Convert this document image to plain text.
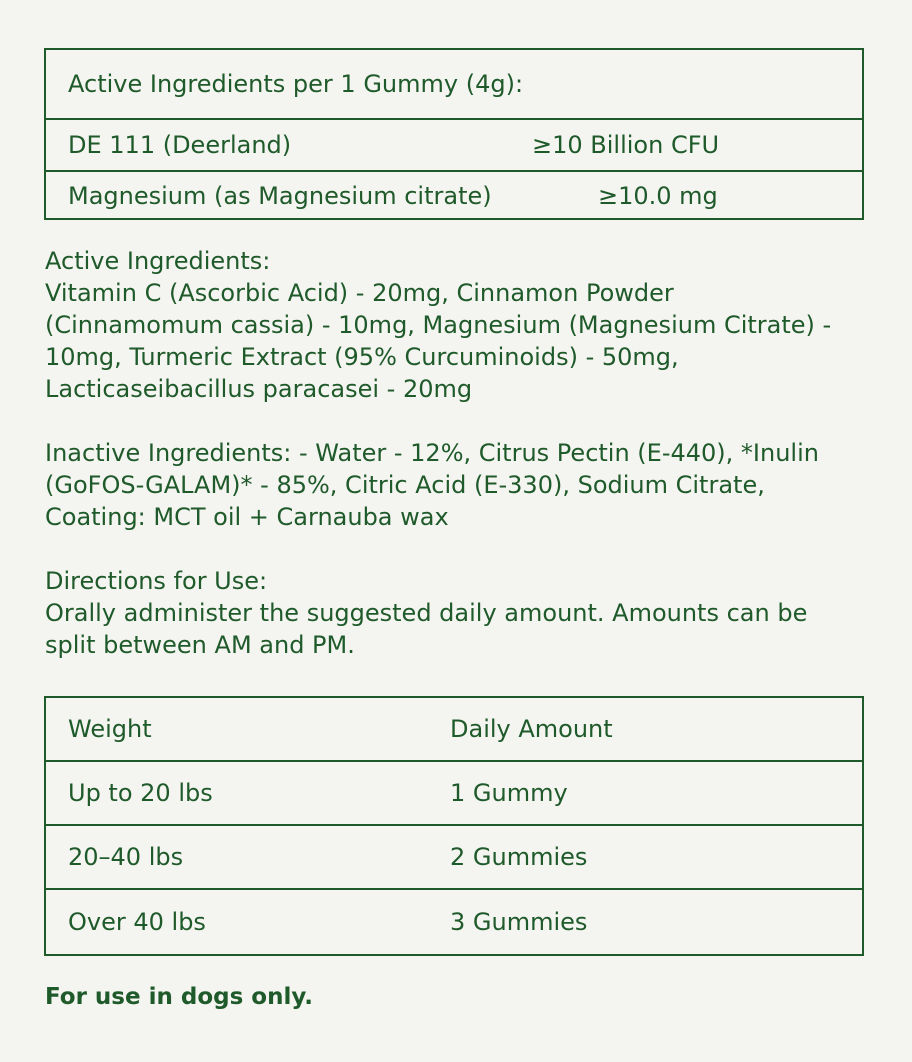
Active Ingredients per 1 Gummy (4g):
DE 111 (Deerland)	≥10 Billion CFU
Magnesium (as Magnesium citrate)	≥10.0 mg
Active Ingredients:
Vitamin C (Ascorbic Acid) - 20mg, Cinnamon Powder
(Cinnamomum cassia) - 10mg, Magnesium (Magnesium Citrate) -
10mg, Turmeric Extract (95% Curcuminoids) - 50mg,
Lacticaseibacillus paracasei - 20mg
Inactive Ingredients: - Water - 12%, Citrus Pectin (E-440), *Inulin
(GoFOS-GALAM)* - 85%, Citric Acid (E-330), Sodium Citrate,
Coating: MCT oil + Carnauba wax
Directions for Use:
Orally administer the suggested daily amount. Amounts can be
split between AM and PM.
Weight	Daily Amount
Up to 20 lbs	1 Gummy
20–40 lbs	2 Gummies
Over 40 lbs	3 Gummies
For use in dogs only.
